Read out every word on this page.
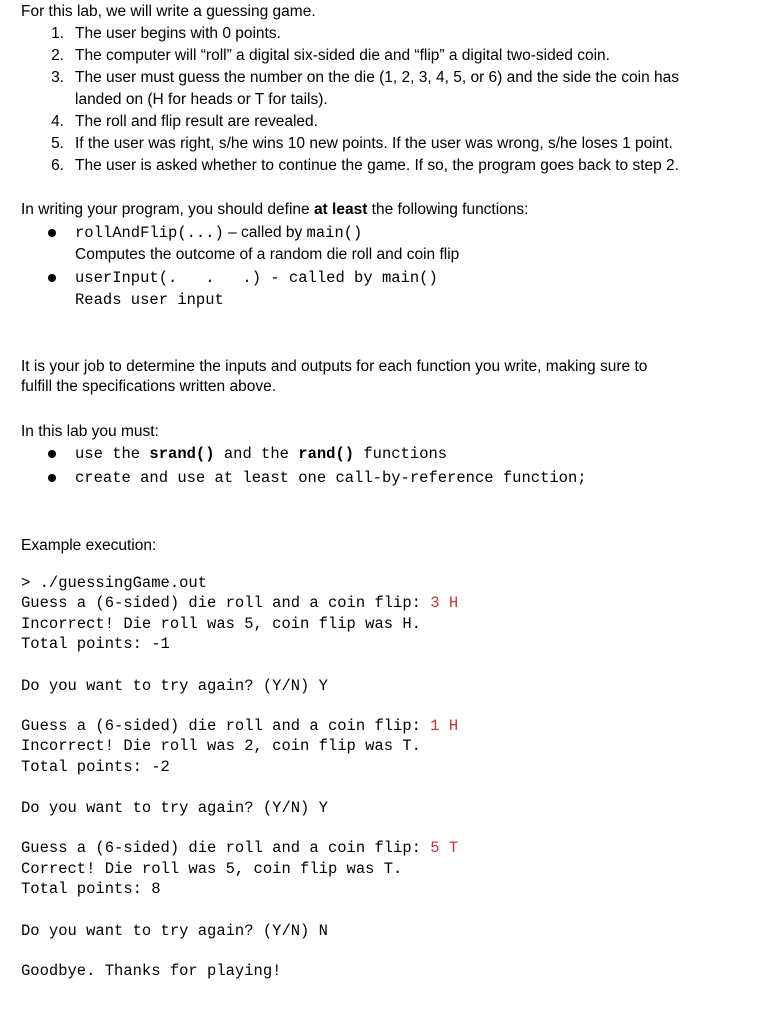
For this lab, we will write a guessing game.
1. The user begins with 0 points.
2. The computer will “roll” a digital six-sided die and “flip” a digital two-sided coin.
3. The user must guess the number on the die (1, 2, 3, 4, 5, or 6) and the side the coin has
landed on (H for heads or T for tails).
4. The roll and flip result are revealed.
5. If the user was right, s/he wins 10 new points. If the user was wrong, s/he loses 1 point.
6. The user is asked whether to continue the game. If so, the program goes back to step 2.
In writing your program, you should define at least the following functions:
rollAndFlip(...) – called by main()
Computes the outcome of a random die roll and coin flip
userInput(.   .   .) - called by main()
Reads user input
It is your job to determine the inputs and outputs for each function you write, making sure to
fulfill the specifications written above.
In this lab you must:
use the srand() and the rand() functions
create and use at least one call-by-reference function;
Example execution:
> ./guessingGame.out
Guess a (6-sided) die roll and a coin flip: 3 H
Incorrect! Die roll was 5, coin flip was H.
Total points: -1
Do you want to try again? (Y/N) Y
Guess a (6-sided) die roll and a coin flip: 1 H
Incorrect! Die roll was 2, coin flip was T.
Total points: -2
Do you want to try again? (Y/N) Y
Guess a (6-sided) die roll and a coin flip: 5 T
Correct! Die roll was 5, coin flip was T.
Total points: 8
Do you want to try again? (Y/N) N
Goodbye. Thanks for playing!
